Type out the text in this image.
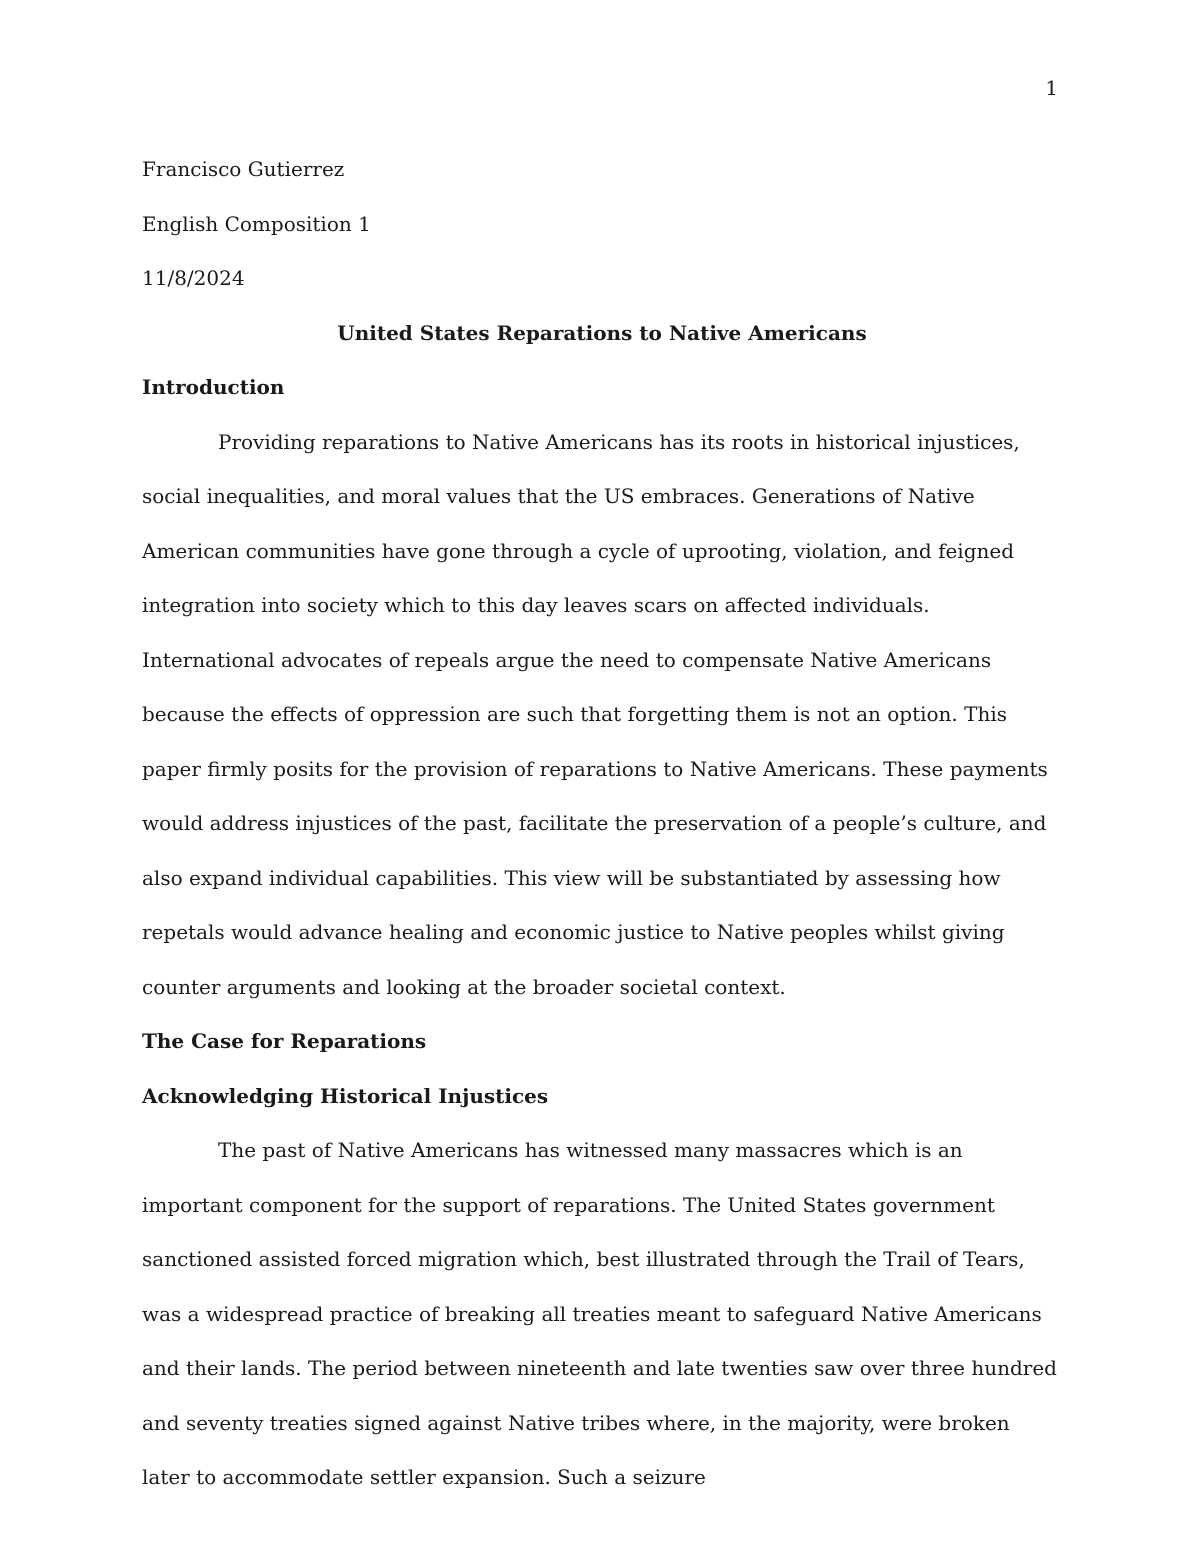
1

Francisco Gutierrez

English Composition 1

11/8/2024

United States Reparations to Native Americans

Introduction

Providing reparations to Native Americans has its roots in historical injustices, social inequalities, and moral values that the US embraces. Generations of Native American communities have gone through a cycle of uprooting, violation, and feigned integration into society which to this day leaves scars on affected individuals. International advocates of repeals argue the need to compensate Native Americans because the effects of oppression are such that forgetting them is not an option. This paper firmly posits for the provision of reparations to Native Americans. These payments would address injustices of the past, facilitate the preservation of a people’s culture, and also expand individual capabilities. This view will be substantiated by assessing how repetals would advance healing and economic justice to Native peoples whilst giving counter arguments and looking at the broader societal context.

The Case for Reparations

Acknowledging Historical Injustices

The past of Native Americans has witnessed many massacres which is an important component for the support of reparations. The United States government sanctioned assisted forced migration which, best illustrated through the Trail of Tears, was a widespread practice of breaking all treaties meant to safeguard Native Americans and their lands. The period between nineteenth and late twenties saw over three hundred and seventy treaties signed against Native tribes where, in the majority, were broken later to accommodate settler expansion. Such a seizure
